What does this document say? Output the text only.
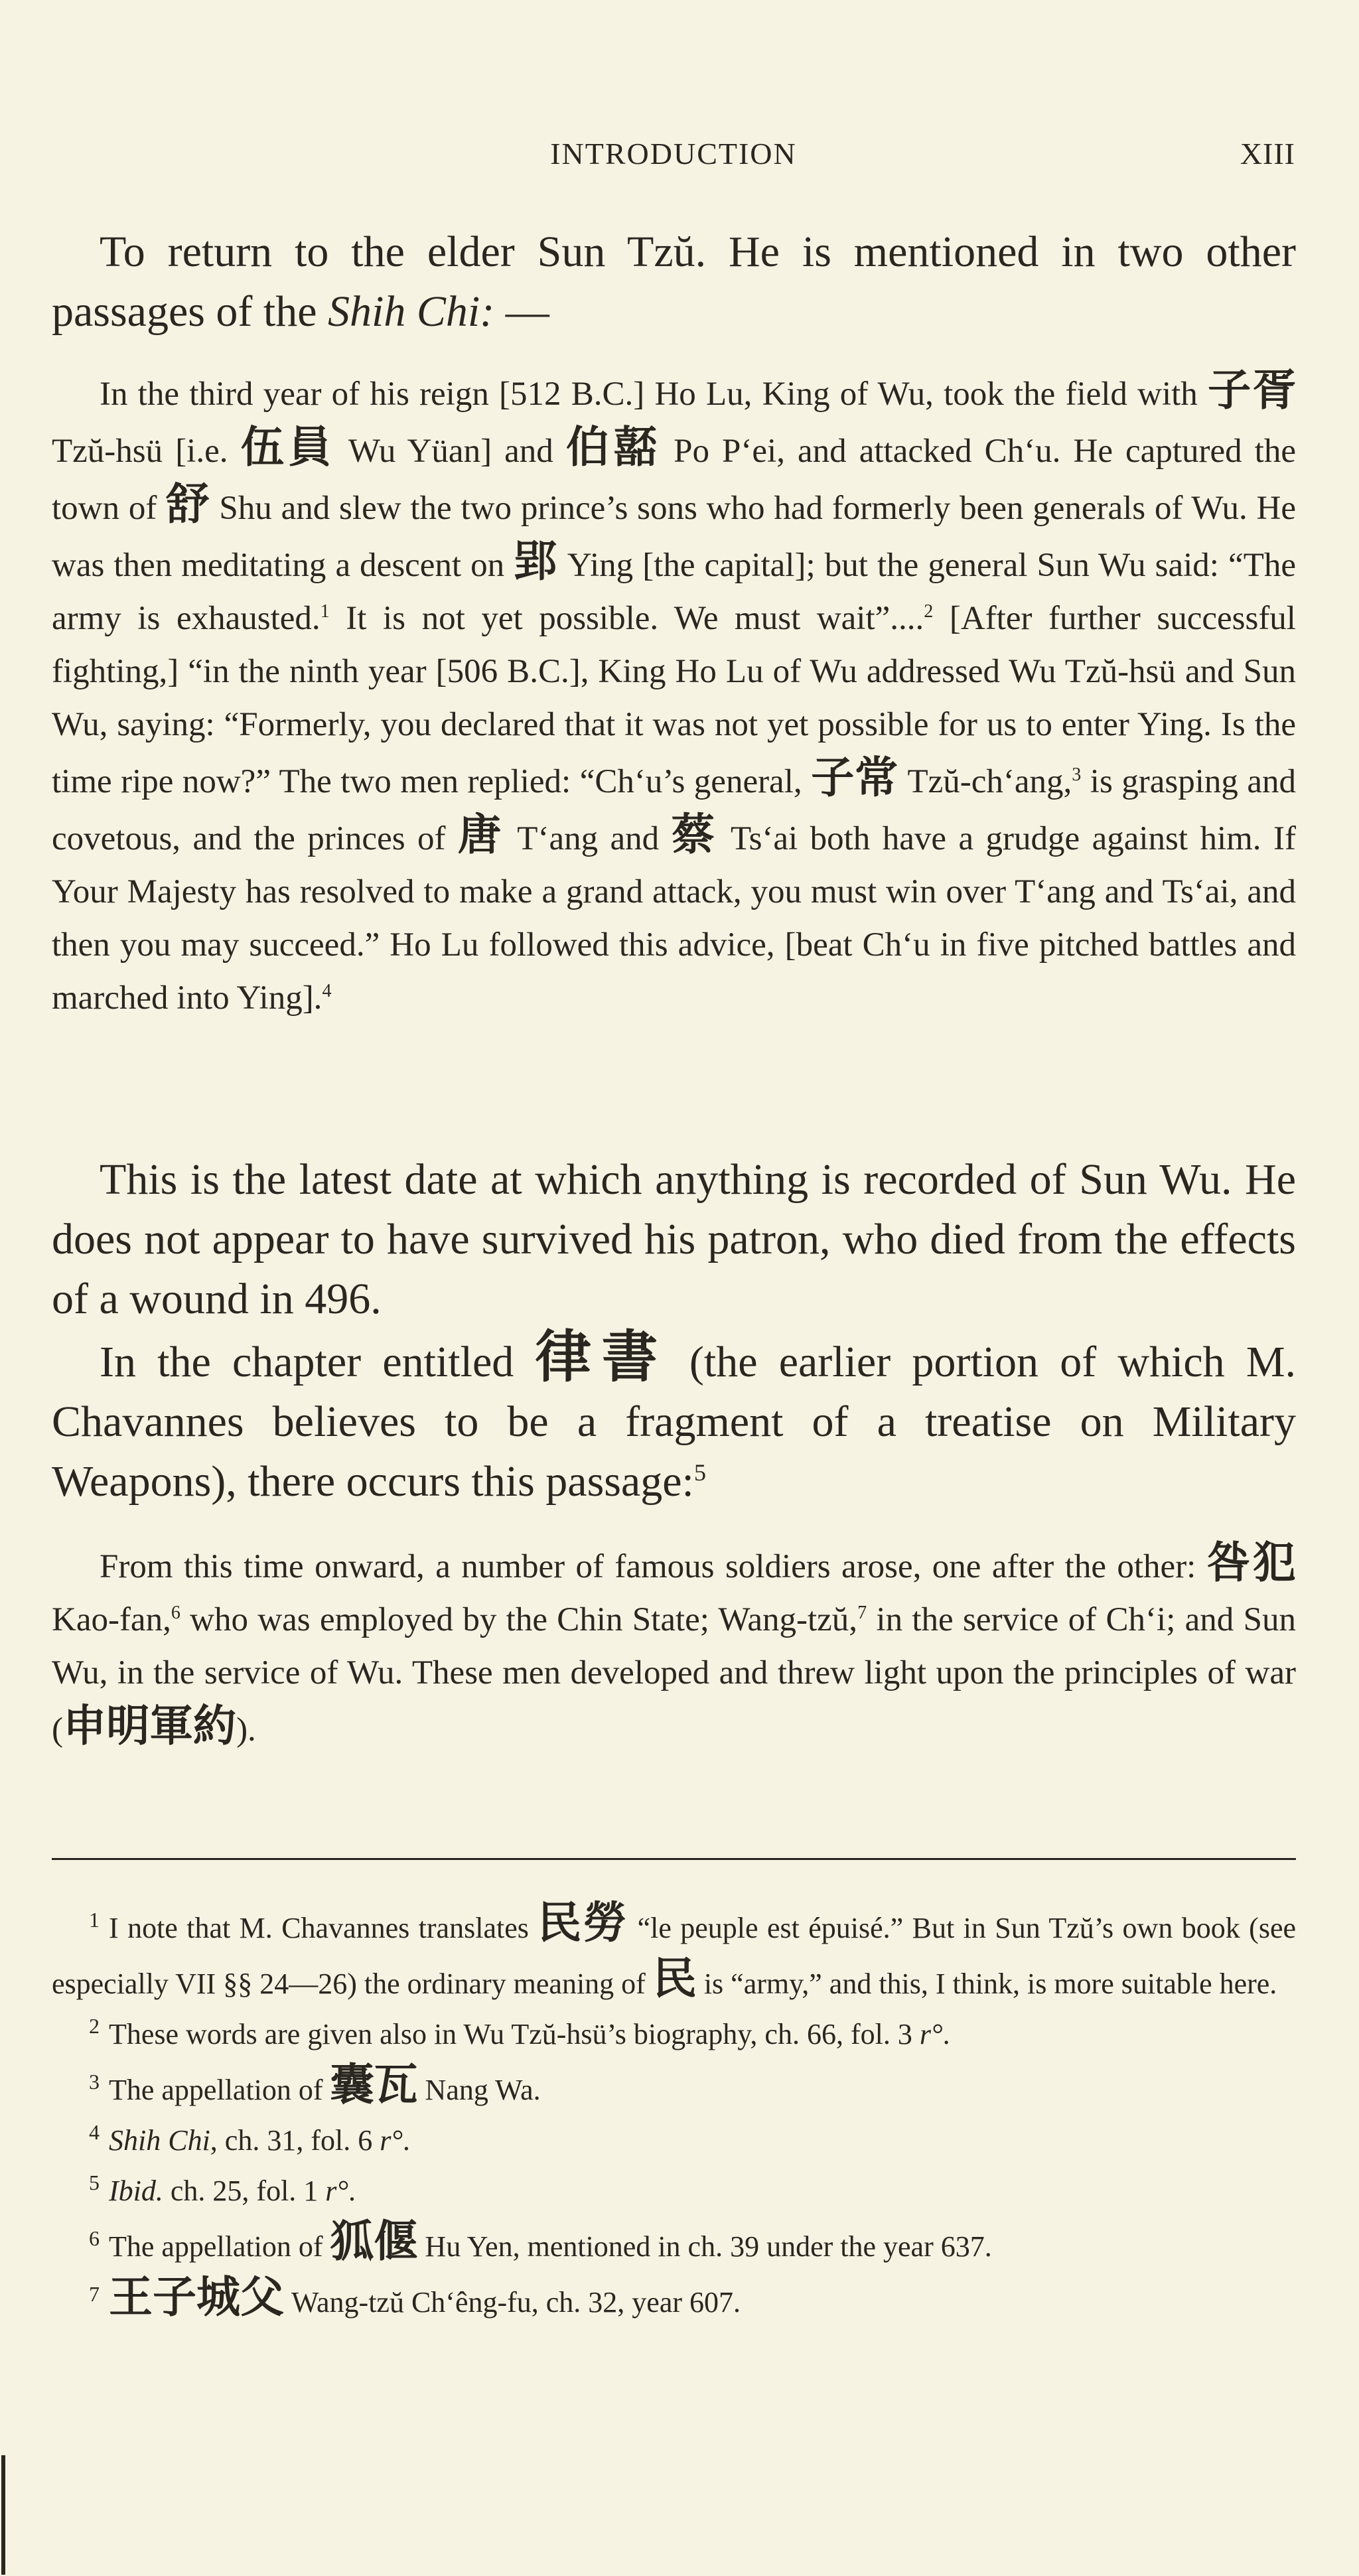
INTRODUCTION	XIII

To return to the elder Sun Tzŭ. He is mentioned in two other passages of the Shih Chi: —

In the third year of his reign [512 B.C.] Ho Lu, King of Wu, took the field with 子胥 Tzŭ-hsü [i.e. 伍員 Wu Yüan] and 伯嚭 Po P‘ei, and attacked Ch‘u. He captured the town of 舒 Shu and slew the two prince’s sons who had formerly been generals of Wu. He was then meditating a descent on 郢 Ying [the capital]; but the general Sun Wu said: “The army is exhausted.$^1$ It is not yet possible. We must wait”....$^2$ [After further successful fighting,] “in the ninth year [506 B.C.], King Ho Lu of Wu addressed Wu Tzŭ-hsü and Sun Wu, saying: “Formerly, you declared that it was not yet possible for us to enter Ying. Is the time ripe now?” The two men replied: “Ch‘u’s general, 子常 Tzŭ-ch‘ang,$^3$ is grasping and covetous, and the princes of 唐 T‘ang and 蔡 Ts‘ai both have a grudge against him. If Your Majesty has resolved to make a grand attack, you must win over T‘ang and Ts‘ai, and then you may succeed.” Ho Lu followed this advice, [beat Ch‘u in five pitched battles and marched into Ying].$^4$

This is the latest date at which anything is recorded of Sun Wu. He does not appear to have survived his patron, who died from the effects of a wound in 496.

In the chapter entitled 律書 (the earlier portion of which M. Chavannes believes to be a fragment of a treatise on Military Weapons), there occurs this passage:$^5$

From this time onward, a number of famous soldiers arose, one after the other: 咎犯 Kao-fan,$^6$ who was employed by the Chin State; Wang-tzŭ,$^7$ in the service of Ch‘i; and Sun Wu, in the service of Wu. These men developed and threw light upon the principles of war (申明軍約).

1 I note that M. Chavannes translates 民勞 “le peuple est épuisé.” But in Sun Tzŭ’s own book (see especially VII §§ 24—26) the ordinary meaning of 民 is “army,” and this, I think, is more suitable here.

2 These words are given also in Wu Tzŭ-hsü’s biography, ch. 66, fol. 3 r°.

3 The appellation of 囊瓦 Nang Wa.

4 Shih Chi, ch. 31, fol. 6 r°.

5 Ibid. ch. 25, fol. 1 r°.

6 The appellation of 狐偃 Hu Yen, mentioned in ch. 39 under the year 637.

7 王子城父 Wang-tzŭ Ch‘êng-fu, ch. 32, year 607.
